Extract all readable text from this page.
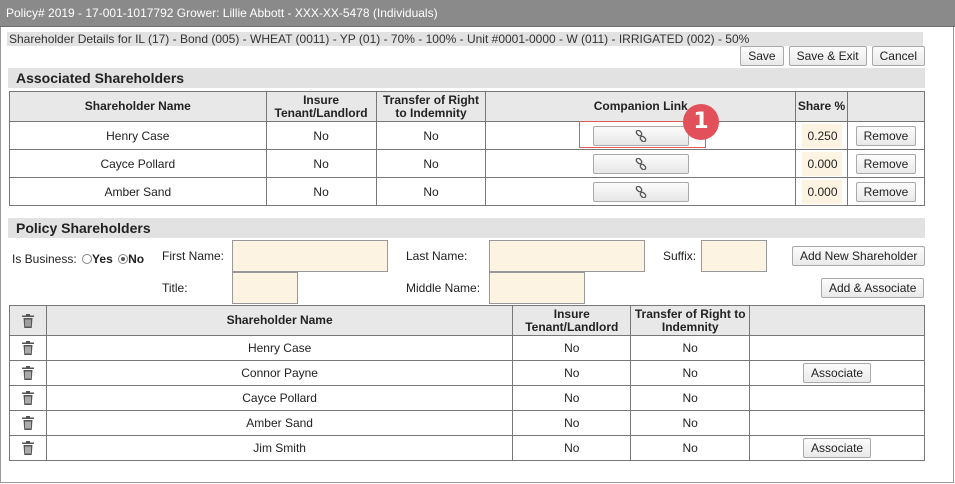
Policy# 2019 - 17-001-1017792 Grower: Lillie Abbott - XXX-XX-5478 (Individuals)
Shareholder Details for IL (17) - Bond (005) - WHEAT (0011) - YP (01) - 70% - 100% - Unit #0001-0000 - W (011) - IRRIGATED (002) - 50%
Save	Save & Exit	Cancel
Associated Shareholders
Shareholder Name	Insure Tenant/Landlord	Transfer of Right to Indemnity	Companion Link	Share %	
Henry Case	No	No		0.250	Remove
Cayce Pollard	No	No		0.000	Remove
Amber Sand	No	No		0.000	Remove
1
Policy Shareholders
Is Business: Yes No First Name:	Last Name:	Suffix:	Add New Shareholder
Title:	Middle Name:	Add & Associate
	Shareholder Name	Insure Tenant/Landlord	Transfer of Right to Indemnity	
	Henry Case	No	No	
	Connor Payne	No	No	Associate
	Cayce Pollard	No	No	
	Amber Sand	No	No	
	Jim Smith	No	No	Associate
